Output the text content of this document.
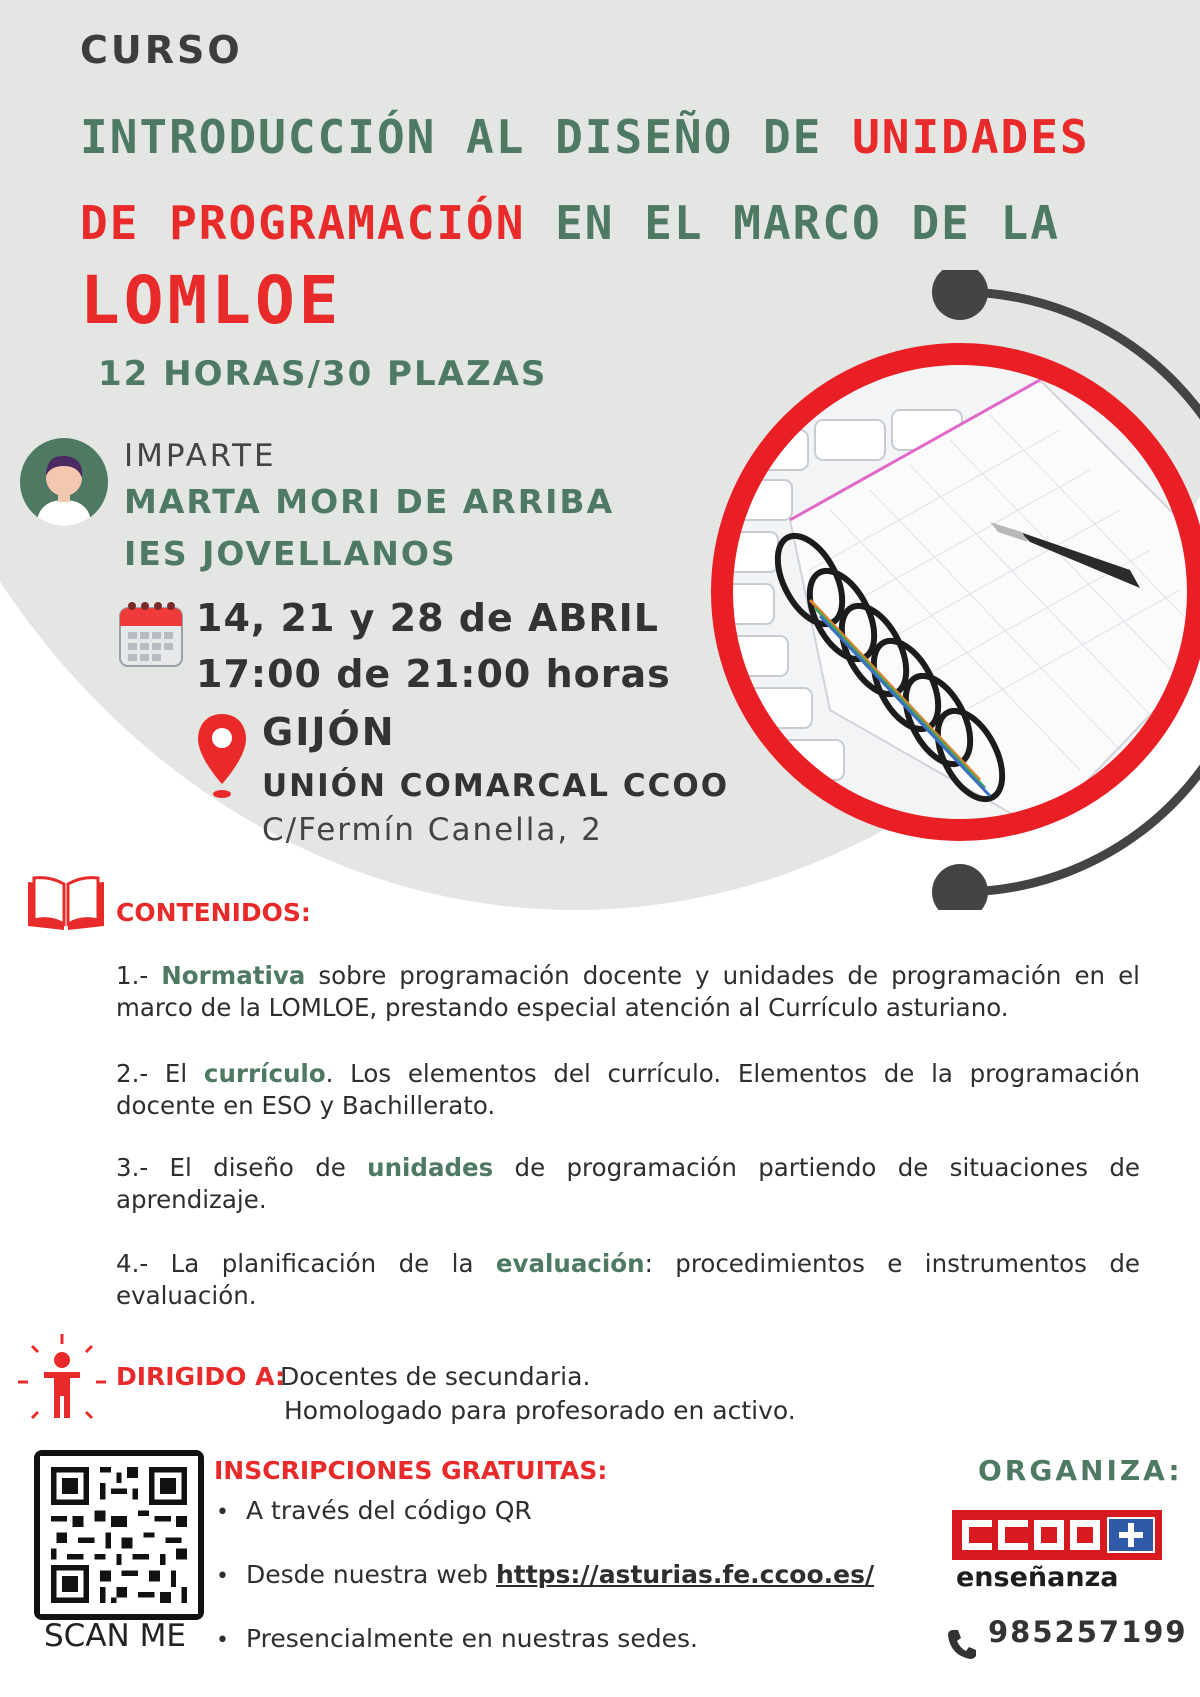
CURSO
INTRODUCCIÓN AL DISEÑO DE UNIDADES
DE PROGRAMACIÓN EN EL MARCO DE LA
LOMLOE
12 HORAS/30 PLAZAS
IMPARTE
MARTA MORI DE ARRIBA
IES JOVELLANOS
14, 21 y 28 de ABRIL
17:00 de 21:00 horas
GIJÓN
UNIÓN COMARCAL CCOO
C/Fermín Canella, 2
CONTENIDOS:
1.- Normativa sobre programación docente y unidades de programación en el marco de la LOMLOE, prestando especial atención al Currículo asturiano.
2.- El currículo. Los elementos del currículo. Elementos de la programación docente en ESO y Bachillerato.
3.- El diseño de unidades de programación partiendo de situaciones de aprendizaje.
4.- La planificación de la evaluación: procedimientos e instrumentos de evaluación.
DIRIGIDO A:
Docentes de secundaria.
Homologado para profesorado en activo.
SCAN ME
INSCRIPCIONES GRATUITAS:
• A través del código QR
• Desde nuestra web https://asturias.fe.ccoo.es/
• Presencialmente en nuestras sedes.
ORGANIZA:
enseñanza
985257199
